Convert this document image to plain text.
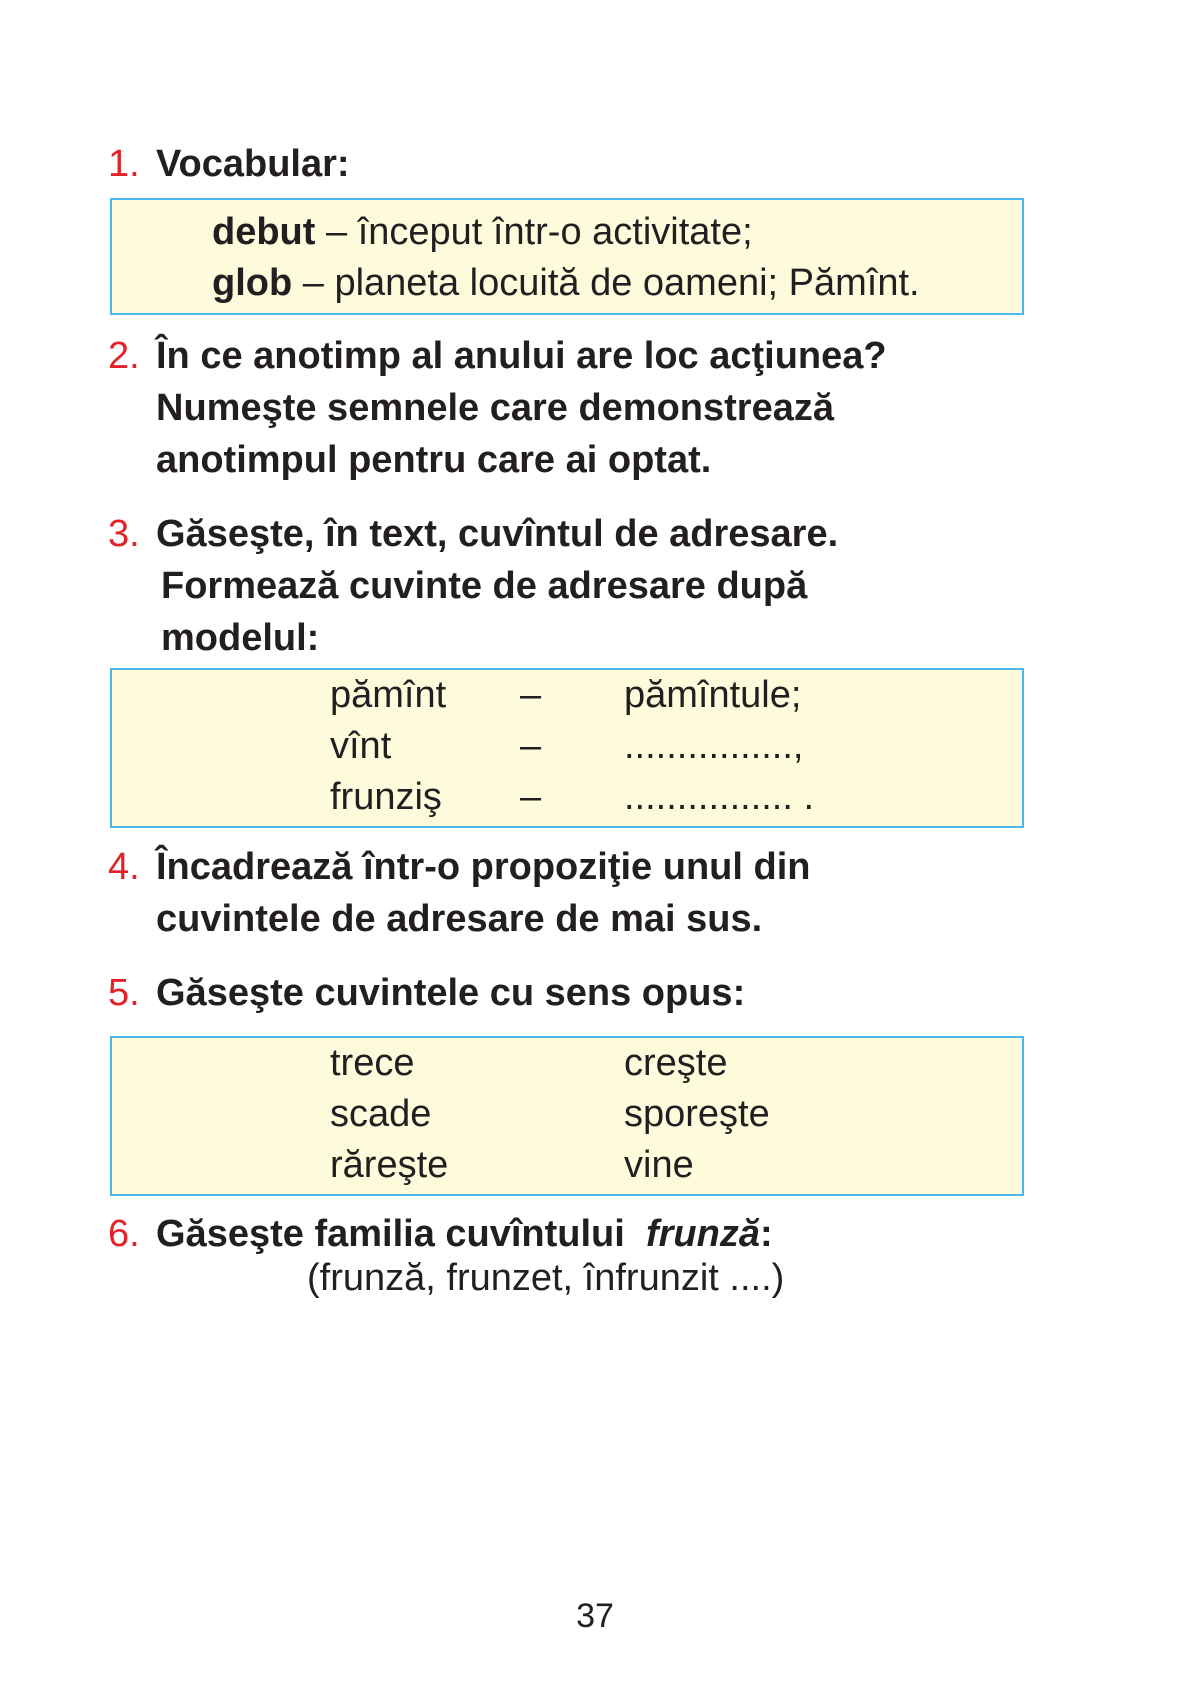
1. Vocabular:
debut – început într-o activitate;
glob – planeta locuită de oameni; Pămînt.
2. În ce anotimp al anului are loc acţiunea?
Numeşte semnele care demonstrează
anotimpul pentru care ai optat.
3. Găseşte, în text, cuvîntul de adresare.
Formează cuvinte de adresare după
modelul:
pămînt – pămîntule;
vînt	– ................,
frunziş – ................ .
4. Încadrează într-o propoziţie unul din
cuvintele de adresare de mai sus.
5. Găseşte cuvintele cu sens opus:
trece	creşte
scade	sporeşte
răreşte	vine
6. Găseşte familia cuvîntului frunză:
(frunză, frunzet, înfrunzit ....)
37
